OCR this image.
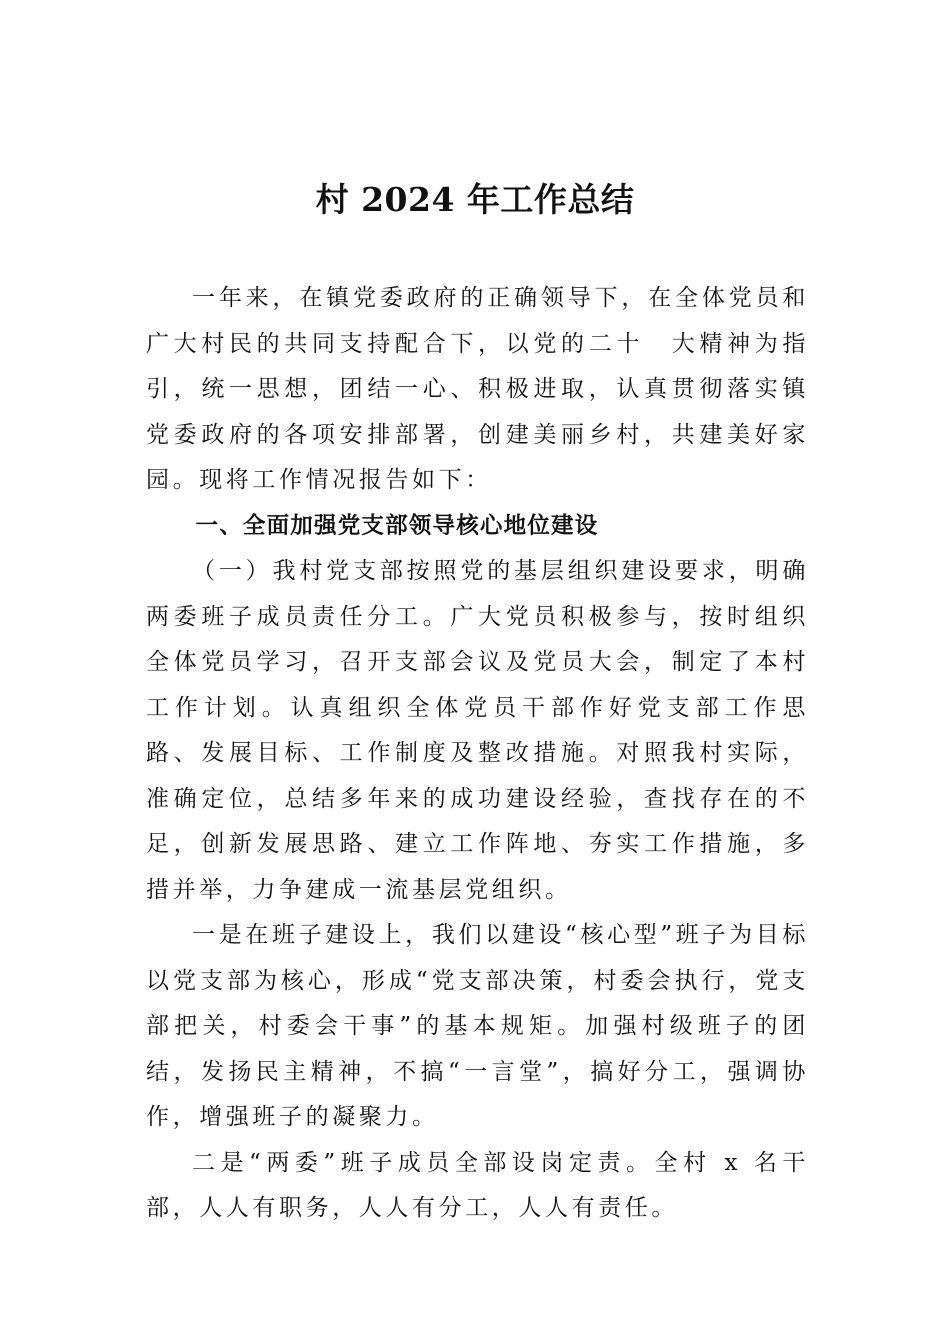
村 2024 年工作总结

一年来，在镇党委政府的正确领导下，在全体党员和广大村民的共同支持配合下，以党的二十　大精神为指引，统一思想，团结一心、积极进取，认真贯彻落实镇党委政府的各项安排部署，创建美丽乡村，共建美好家园。现将工作情况报告如下：

一、全面加强党支部领导核心地位建设

（一）我村党支部按照党的基层组织建设要求，明确两委班子成员责任分工。广大党员积极参与，按时组织全体党员学习，召开支部会议及党员大会，制定了本村工作计划。认真组织全体党员干部作好党支部工作思路、发展目标、工作制度及整改措施。对照我村实际，准确定位，总结多年来的成功建设经验，查找存在的不足，创新发展思路、建立工作阵地、夯实工作措施，多措并举，力争建成一流基层党组织。

一是在班子建设上，我们以建设“核心型”班子为目标以党支部为核心，形成“党支部决策，村委会执行，党支部把关，村委会干事”的基本规矩。加强村级班子的团结，发扬民主精神，不搞“一言堂”，搞好分工，强调协作，增强班子的凝聚力。

二是“两委”班子成员全部设岗定责。全村 x 名干部，人人有职务，人人有分工，人人有责任。
